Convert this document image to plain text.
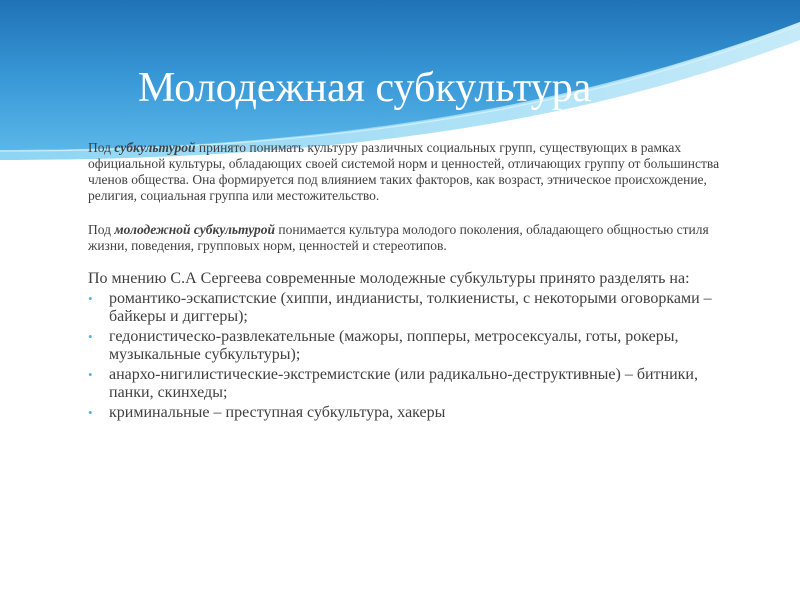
Молодежная субкультура

Под субкультурой принято понимать культуру различных социальных групп, существующих в рамках официальной культуры, обладающих своей системой норм и ценностей, отличающих группу от большинства членов общества. Она формируется под влиянием таких факторов, как возраст, этническое происхождение, религия, социальная группа или местожительство.

Под молодежной субкультурой понимается культура молодого поколения, обладающего общностью стиля жизни, поведения, групповых норм, ценностей и стереотипов.

По мнению С.А Сергеева современные молодежные субкультуры принято разделять на:

• романтико-эскапистские (хиппи, индианисты, толкиенисты, с некоторыми оговорками – байкеры и диггеры);
• гедонистическо-развлекательные (мажоры, попперы, метросексуалы, готы, рокеры, музыкальные субкультуры);
• анархо-нигилистические-экстремистские (или радикально-деструктивные) – битники, панки, скинхеды;
• криминальные – преступная субкультура, хакеры
